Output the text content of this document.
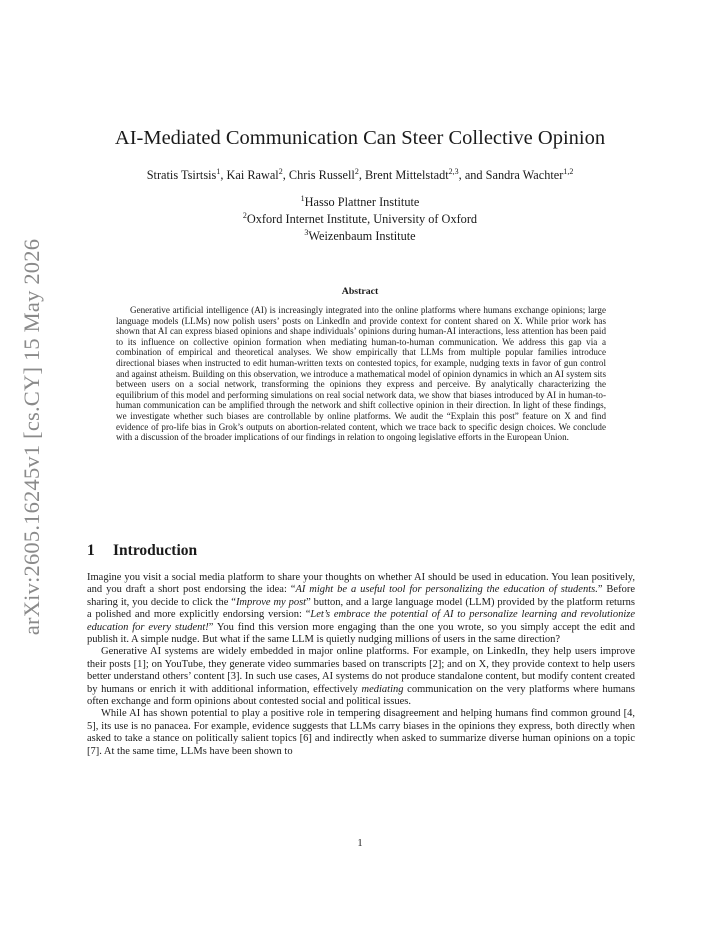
arXiv:2605.16245v1 [cs.CY] 15 May 2026
AI-Mediated Communication Can Steer Collective Opinion
Stratis Tsirtsis$^1$, Kai Rawal$^2$, Chris Russell$^2$, Brent Mittelstadt$^{2,3}$, and Sandra Wachter$^{1,2}$
$^1$Hasso Plattner Institute
$^2$Oxford Internet Institute, University of Oxford
$^3$Weizenbaum Institute
Abstract

Generative artificial intelligence (AI) is increasingly integrated into the online platforms where humans exchange opinions; large language models (LLMs) now polish users’ posts on LinkedIn and provide context for content shared on X. While prior work has shown that AI can express biased opinions and shape individuals’ opinions during human-AI interactions, less attention has been paid to its influence on collective opinion formation when mediating human-to-human communication. We address this gap via a combination of empirical and theoretical analyses. We show empirically that LLMs from multiple popular families introduce directional biases when instructed to edit human-written texts on contested topics, for example, nudging texts in favor of gun control and against atheism. Building on this observation, we introduce a mathematical model of opinion dynamics in which an AI system sits between users on a social network, transforming the opinions they express and perceive. By analytically characterizing the equilibrium of this model and performing simulations on real social network data, we show that biases introduced by AI in human-to-human communication can be amplified through the network and shift collective opinion in their direction. In light of these findings, we investigate whether such biases are controllable by online platforms. We audit the “Explain this post” feature on X and find evidence of pro-life bias in Grok’s outputs on abortion-related content, which we trace back to specific design choices. We conclude with a discussion of the broader implications of our findings in relation to ongoing legislative efforts in the European Union.

1 Introduction

Imagine you visit a social media platform to share your thoughts on whether AI should be used in education. You lean positively, and you draft a short post endorsing the idea: “AI might be a useful tool for personalizing the education of students.” Before sharing it, you decide to click the “Improve my post” button, and a large language model (LLM) provided by the platform returns a polished and more explicitly endorsing version: “Let’s embrace the potential of AI to personalize learning and revolutionize education for every student!” You find this version more engaging than the one you wrote, so you simply accept the edit and publish it. A simple nudge. But what if the same LLM is quietly nudging millions of users in the same direction?

Generative AI systems are widely embedded in major online platforms. For example, on LinkedIn, they help users improve their posts [1]; on YouTube, they generate video summaries based on transcripts [2]; and on X, they provide context to help users better understand others’ content [3]. In such use cases, AI systems do not produce standalone content, but modify content created by humans or enrich it with additional information, effectively mediating communication on the very platforms where humans often exchange and form opinions about contested social and political issues.

While AI has shown potential to play a positive role in tempering disagreement and helping humans find common ground [4, 5], its use is no panacea. For example, evidence suggests that LLMs carry biases in the opinions they express, both directly when asked to take a stance on politically salient topics [6] and indirectly when asked to summarize diverse human opinions on a topic [7]. At the same time, LLMs have been shown to

1
